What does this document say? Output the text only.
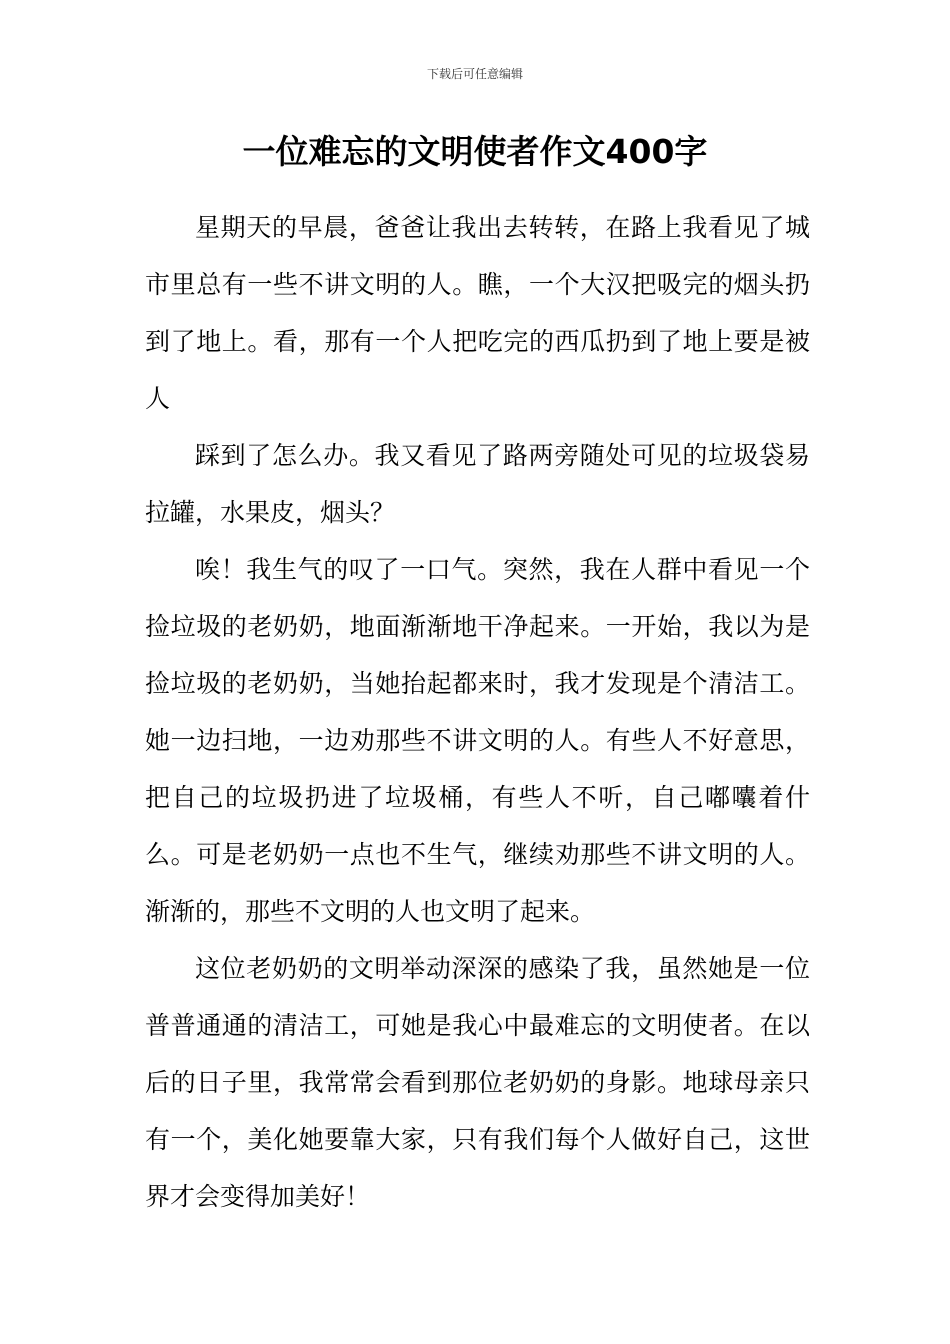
下载后可任意编辑
一位难忘的文明使者作文400字

星期天的早晨，爸爸让我出去转转，在路上我看见了城市里总有一些不讲文明的人。瞧，一个大汉把吸完的烟头扔到了地上。看，那有一个人把吃完的西瓜扔到了地上要是被人

踩到了怎么办。我又看见了路两旁随处可见的垃圾袋易拉罐，水果皮，烟头？

唉！我生气的叹了一口气。突然，我在人群中看见一个捡垃圾的老奶奶，地面渐渐地干净起来。一开始，我以为是捡垃圾的老奶奶，当她抬起都来时，我才发现是个清洁工。她一边扫地，一边劝那些不讲文明的人。有些人不好意思，把自己的垃圾扔进了垃圾桶，有些人不听，自己嘟囔着什么。可是老奶奶一点也不生气，继续劝那些不讲文明的人。渐渐的，那些不文明的人也文明了起来。

这位老奶奶的文明举动深深的感染了我，虽然她是一位普普通通的清洁工，可她是我心中最难忘的文明使者。在以后的日子里，我常常会看到那位老奶奶的身影。地球母亲只有一个，美化她要靠大家，只有我们每个人做好自己，这世界才会变得加美好！
